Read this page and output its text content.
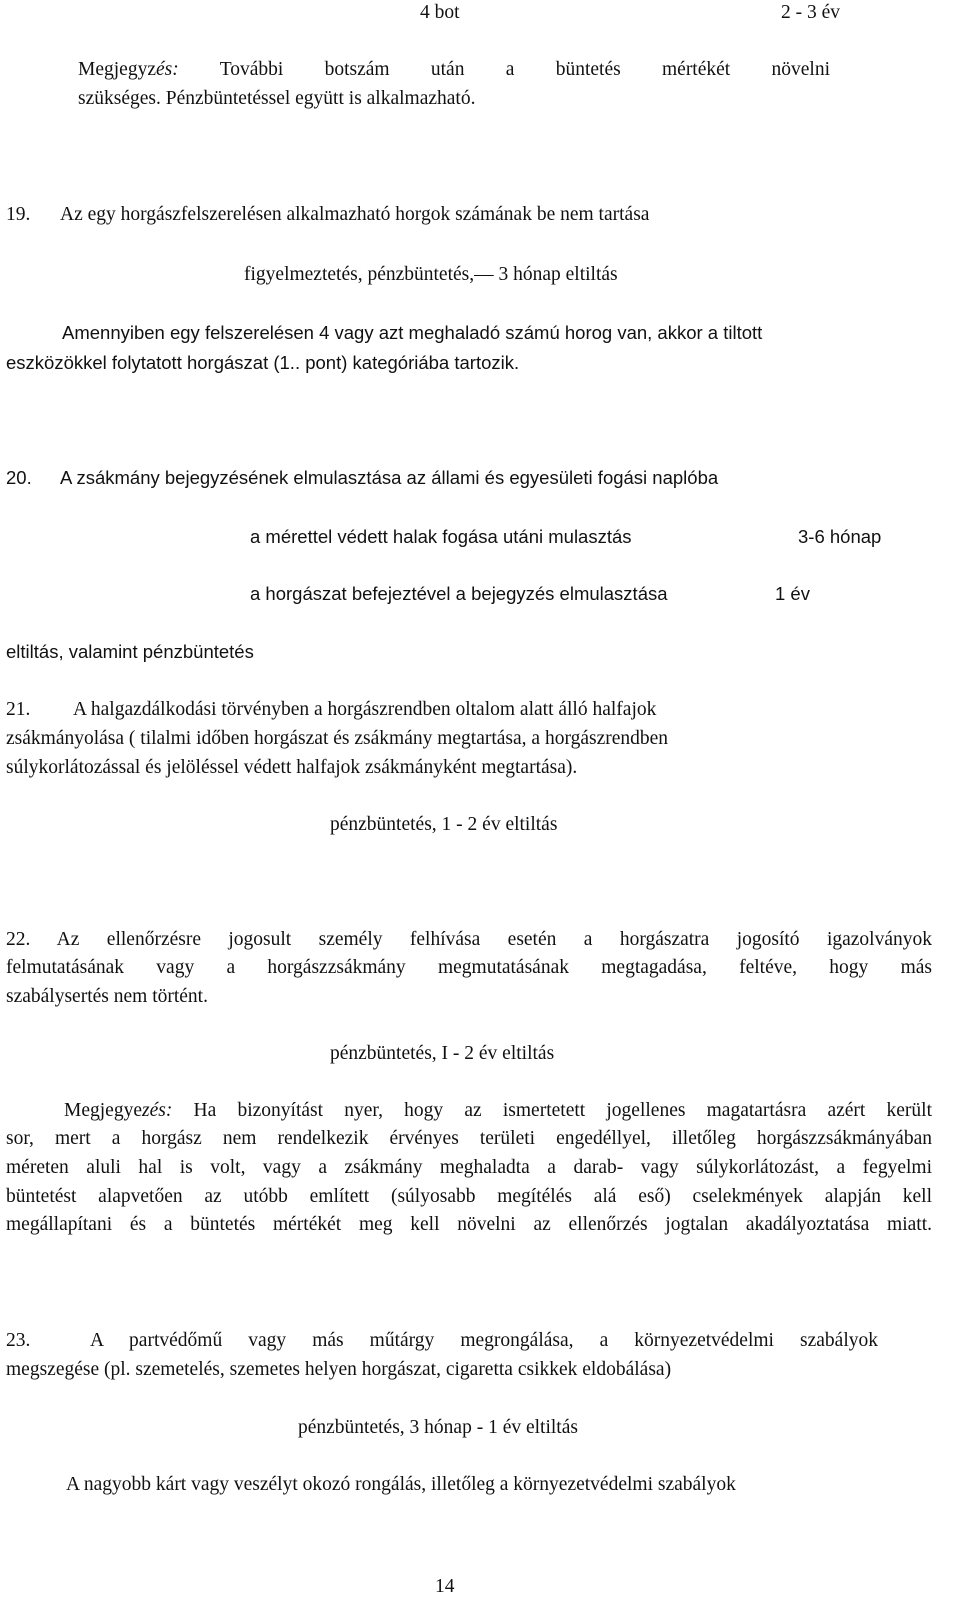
4 bot	2 - 3 év
Megjegyzés: További botszám után a büntetés mértékét növelni
szükséges. Pénzbüntetéssel együtt is alkalmazható.
19. Az egy horgászfelszerelésen alkalmazható horgok számának be nem tartása
figyelmeztetés, pénzbüntetés,— 3 hónap eltiltás
Amennyiben egy felszerelésen 4 vagy azt meghaladó számú horog van, akkor a tiltott
eszközökkel folytatott horgászat (1.. pont) kategóriába tartozik.
20. A zsákmány bejegyzésének elmulasztása az állami és egyesületi fogási naplóba
a mérettel védett halak fogása utáni mulasztás	3-6 hónap
a horgászat befejeztével a bejegyzés elmulasztása	1 év
eltiltás, valamint pénzbüntetés
21. A halgazdálkodási törvényben a horgászrendben oltalom alatt álló halfajok
zsákmányolása ( tilalmi időben horgászat és zsákmány megtartása, a horgászrendben
súlykorlátozással és jelöléssel védett halfajok zsákmányként megtartása).
pénzbüntetés, 1 - 2 év eltiltás
22. Az ellenőrzésre jogosult személy felhívása esetén a horgászatra jogosító igazolványok
felmutatásának vagy a horgászzsákmány megmutatásának megtagadása, feltéve, hogy más
szabálysertés nem történt.
pénzbüntetés, I - 2 év eltiltás
Megjegyezés: Ha bizonyítást nyer, hogy az ismertetett jogellenes magatartásra azért került
sor, mert a horgász nem rendelkezik érvényes területi engedéllyel, illetőleg horgászzsákmányában
méreten aluli hal is volt, vagy a zsákmány meghaladta a darab- vagy súlykorlátozást, a fegyelmi
büntetést alapvetően az utóbb említett (súlyosabb megítélés alá eső) cselekmények alapján kell
megállapítani és a büntetés mértékét meg kell növelni az ellenőrzés jogtalan akadályoztatása miatt.
23.	A partvédőmű vagy más műtárgy megrongálása, a környezetvédelmi szabályok
megszegése (pl. szemetelés, szemetes helyen horgászat, cigaretta csikkek eldobálása)
pénzbüntetés, 3 hónap - 1 év eltiltás
A nagyobb kárt vagy veszélyt okozó rongálás, illetőleg a környezetvédelmi szabályok
14
